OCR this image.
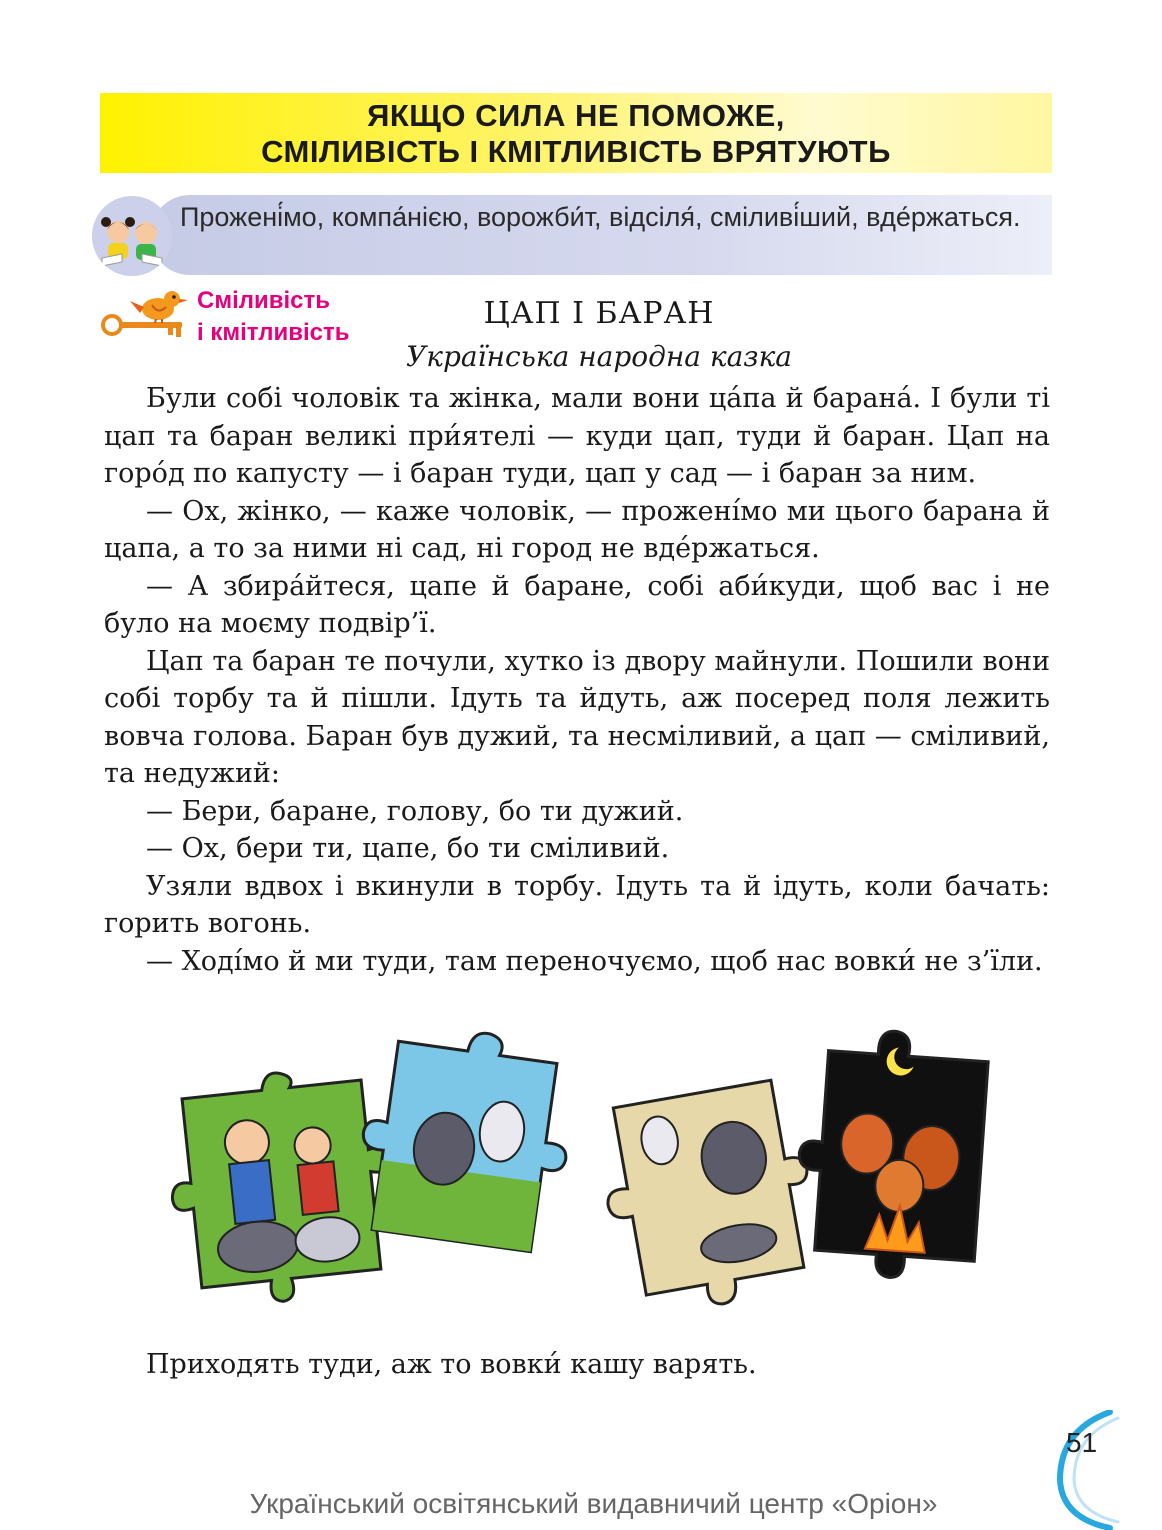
ЯКЩО СИЛА НЕ ПОМОЖЕ,
СМІЛИВІСТЬ І КМІТЛИВІСТЬ ВРЯТУЮТЬ
Прожені́мо, компа́нією, ворожби́т, відсіля́, сміливі́ший, вде́ржаться.
Сміливість
і кмітливість
ЦАП І БАРАН
Українська народна казка

Були собі чоловік та жінка, мали вони ца́па й барана́. І були ті цап та баран великі при́ятелі — куди цап, туди й баран. Цап на горо́д по капусту — і баран туди, цап у сад — і баран за ним.

— Ох, жінко, — каже чоловік, — прожені́мо ми цього барана й цапа, а то за ними ні сад, ні город не вде́ржаться.

— А збира́йтеся, цапе й баране, собі аби́куди, щоб вас і не було на моєму подвір’ї.

Цап та баран те почули, хутко із двору майнули. Пошили вони собі торбу та й пішли. Ідуть та йдуть, аж посеред поля лежить вовча голова. Баран був дужий, та несміливий, а цап — сміливий, та недужий:

— Бери, баране, голову, бо ти дужий.

— Ох, бери ти, цапе, бо ти сміливий.

Узяли вдвох і вкинули в торбу. Ідуть та й ідуть, коли бачать: горить вогонь.

— Ході́мо й ми туди, там переночуємо, щоб нас вовки́ не з’їли.

Приходять туди, аж то вовки́ кашу варять.
Український освітянський видавничий центр «Оріон»
51
